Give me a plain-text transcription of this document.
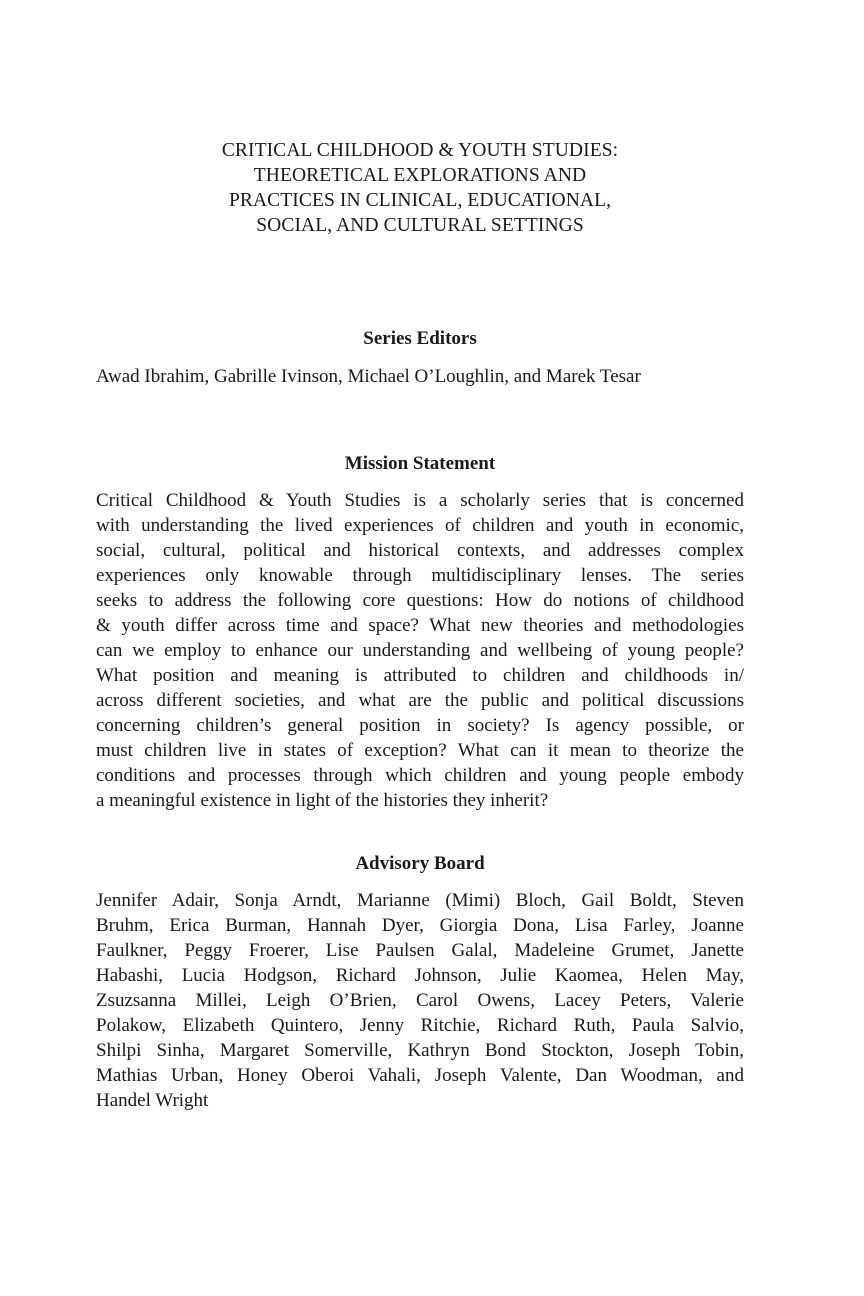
CRITICAL CHILDHOOD & YOUTH STUDIES:
THEORETICAL EXPLORATIONS AND
PRACTICES IN CLINICAL, EDUCATIONAL,
SOCIAL, AND CULTURAL SETTINGS
Series Editors
Awad Ibrahim, Gabrille Ivinson, Michael O’Loughlin, and Marek Tesar
Mission Statement
Critical Childhood & Youth Studies is a scholarly series that is concerned
with understanding the lived experiences of children and youth in economic,
social, cultural, political and historical contexts, and addresses complex
experiences only knowable through multidisciplinary lenses. The series
seeks to address the following core questions: How do notions of childhood
& youth differ across time and space? What new theories and methodologies
can we employ to enhance our understanding and wellbeing of young people?
What position and meaning is attributed to children and childhoods in/
across different societies, and what are the public and political discussions
concerning children’s general position in society? Is agency possible, or
must children live in states of exception? What can it mean to theorize the
conditions and processes through which children and young people embody
a meaningful existence in light of the histories they inherit?
Advisory Board
Jennifer Adair, Sonja Arndt, Marianne (Mimi) Bloch, Gail Boldt, Steven
Bruhm, Erica Burman, Hannah Dyer, Giorgia Dona, Lisa Farley, Joanne
Faulkner, Peggy Froerer, Lise Paulsen Galal, Madeleine Grumet, Janette
Habashi, Lucia Hodgson, Richard Johnson, Julie Kaomea, Helen May,
Zsuzsanna Millei, Leigh O’Brien, Carol Owens, Lacey Peters, Valerie
Polakow, Elizabeth Quintero, Jenny Ritchie, Richard Ruth, Paula Salvio,
Shilpi Sinha, Margaret Somerville, Kathryn Bond Stockton, Joseph Tobin,
Mathias Urban, Honey Oberoi Vahali, Joseph Valente, Dan Woodman, and
Handel Wright
